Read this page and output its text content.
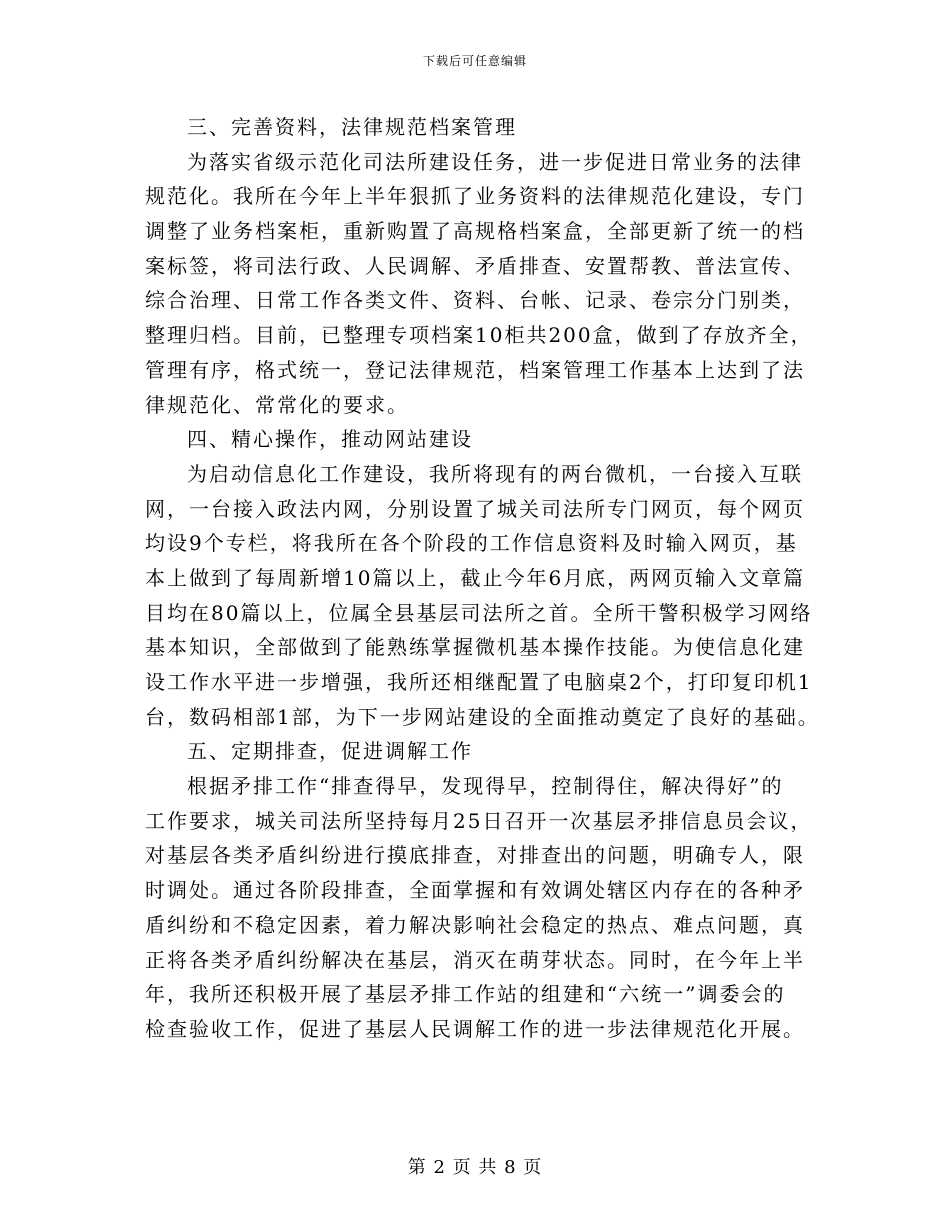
下载后可任意编辑
三、完善资料，法律规范档案管理
为落实省级示范化司法所建设任务，进一步促进日常业务的法律
规范化。我所在今年上半年狠抓了业务资料的法律规范化建设，专门
调整了业务档案柜，重新购置了高规格档案盒，全部更新了统一的档
案标签，将司法行政、人民调解、矛盾排查、安置帮教、普法宣传、
综合治理、日常工作各类文件、资料、台帐、记录、卷宗分门别类，
整理归档。目前，已整理专项档案10柜共200盒，做到了存放齐全，
管理有序，格式统一，登记法律规范，档案管理工作基本上达到了法
律规范化、常常化的要求。
四、精心操作，推动网站建设
为启动信息化工作建设，我所将现有的两台微机，一台接入互联
网，一台接入政法内网，分别设置了城关司法所专门网页，每个网页
均设9个专栏，将我所在各个阶段的工作信息资料及时输入网页，基
本上做到了每周新增10篇以上，截止今年6月底，两网页输入文章篇
目均在80篇以上，位属全县基层司法所之首。全所干警积极学习网络
基本知识，全部做到了能熟练掌握微机基本操作技能。为使信息化建
设工作水平进一步增强，我所还相继配置了电脑桌2个，打印复印机1
台，数码相部1部，为下一步网站建设的全面推动奠定了良好的基础。
五、定期排查，促进调解工作
根据矛排工作“排查得早，发现得早，控制得住，解决得好”的
工作要求，城关司法所坚持每月25日召开一次基层矛排信息员会议，
对基层各类矛盾纠纷进行摸底排查，对排查出的问题，明确专人，限
时调处。通过各阶段排查，全面掌握和有效调处辖区内存在的各种矛
盾纠纷和不稳定因素，着力解决影响社会稳定的热点、难点问题，真
正将各类矛盾纠纷解决在基层，消灭在萌芽状态。同时，在今年上半
年，我所还积极开展了基层矛排工作站的组建和“六统一”调委会的
检查验收工作，促进了基层人民调解工作的进一步法律规范化开展。
第 2 页 共 8 页
